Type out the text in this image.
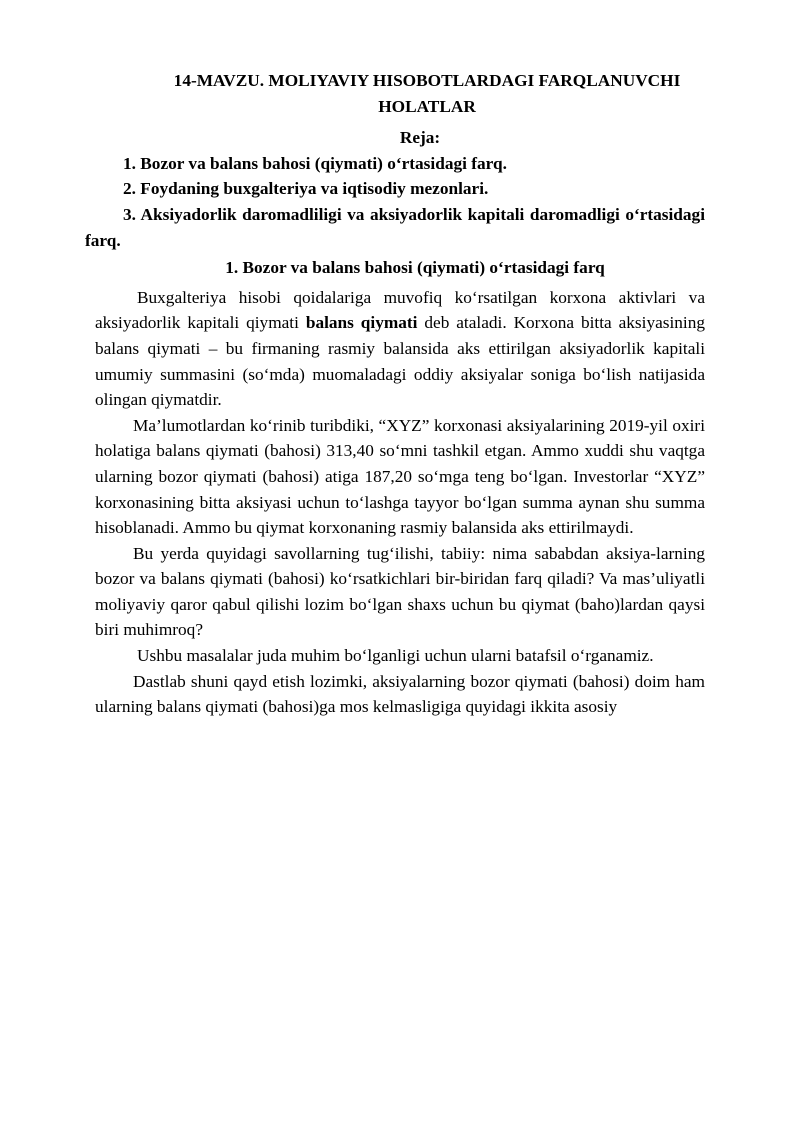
14-MAVZU. MOLIYAVIY HISOBOTLARDAGI FARQLANUVCHI
HOLATLAR
Reja:
1. Bozor va balans bahosi (qiymati) o‘rtasidagi farq.
2. Foydaning buxgalteriya va iqtisodiy mezonlari.
3. Aksiyadorlik daromadliligi va aksiyadorlik kapitali daromadligi o‘rtasidagi farq.
1. Bozor va balans bahosi (qiymati) o‘rtasidagi farq

Buxgalteriya hisobi qoidalariga muvofiq ko‘rsatilgan korxona aktivlari va aksiyadorlik kapitali qiymati balans qiymati deb ataladi. Korxona bitta aksiyasining balans qiymati – bu firmaning rasmiy balansida aks ettirilgan aksiyadorlik kapitali umumiy summasini (so‘mda) muomaladagi oddiy aksiyalar soniga bo‘lish natijasida olingan qiymatdir.

Ma’lumotlardan ko‘rinib turibdiki, “XYZ” korxonasi aksiyalarining 2019-yil oxiri holatiga balans qiymati (bahosi) 313,40 so‘mni tashkil etgan. Ammo xuddi shu vaqtga ularning bozor qiymati (bahosi) atiga 187,20 so‘mga teng bo‘lgan. Investorlar “XYZ” korxonasining bitta aksiyasi uchun to‘lashga tayyor bo‘lgan summa aynan shu summa hisoblanadi. Ammo bu qiymat korxonaning rasmiy balansida aks ettirilmaydi.

Bu yerda quyidagi savollarning tug‘ilishi, tabiiy: nima sababdan aksiya-larning bozor va balans qiymati (bahosi) ko‘rsatkichlari bir-biridan farq qiladi? Va mas’uliyatli moliyaviy qaror qabul qilishi lozim bo‘lgan shaxs uchun bu qiymat (baho)lardan qaysi biri muhimroq?

Ushbu masalalar juda muhim bo‘lganligi uchun ularni batafsil o‘rganamiz.

Dastlab shuni qayd etish lozimki, aksiyalarning bozor qiymati (bahosi) doim ham ularning balans qiymati (bahosi)ga mos kelmasligiga quyidagi ikkita asosiy
